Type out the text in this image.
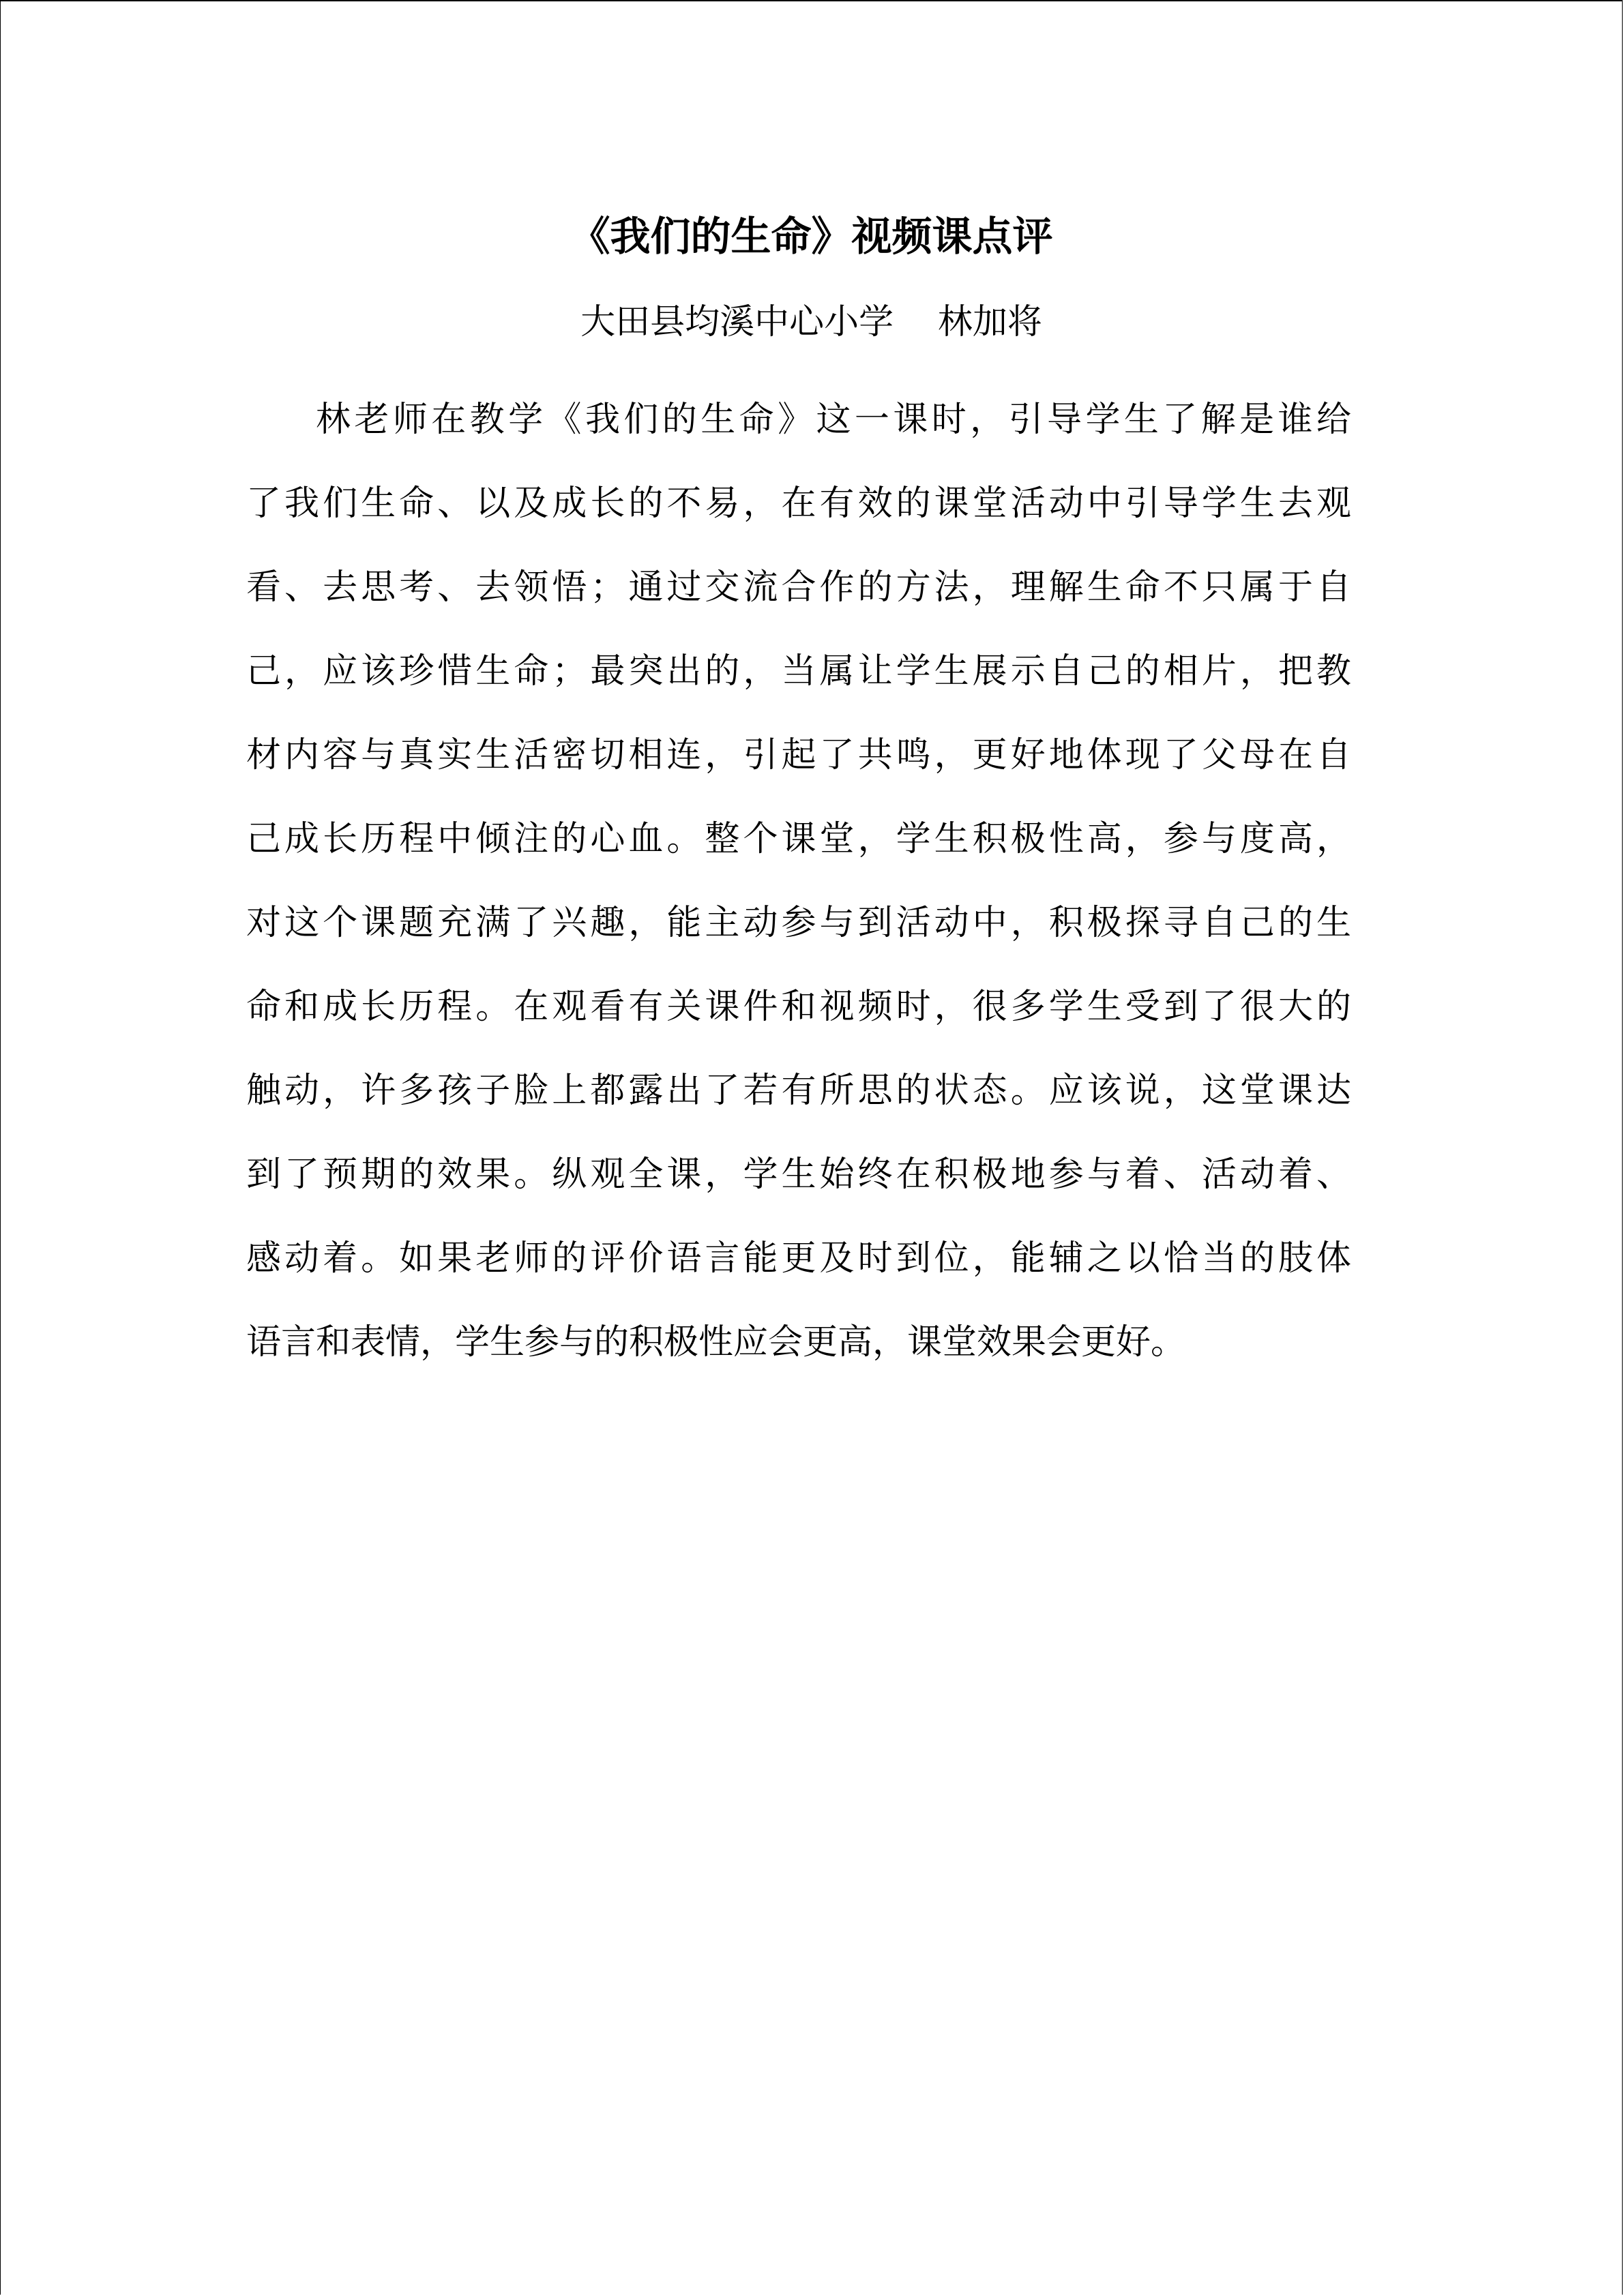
《我们的生命》视频课点评
大田县均溪中心小学    林加将
林老师在教学《我们的生命》这一课时，引导学生了解是谁给
了我们生命、以及成长的不易，在有效的课堂活动中引导学生去观
看、去思考、去领悟；通过交流合作的方法，理解生命不只属于自
己，应该珍惜生命；最突出的，当属让学生展示自己的相片，把教
材内容与真实生活密切相连，引起了共鸣，更好地体现了父母在自
己成长历程中倾注的心血。整个课堂，学生积极性高，参与度高，
对这个课题充满了兴趣，能主动参与到活动中，积极探寻自己的生
命和成长历程。在观看有关课件和视频时，很多学生受到了很大的
触动，许多孩子脸上都露出了若有所思的状态。应该说，这堂课达
到了预期的效果。纵观全课，学生始终在积极地参与着、活动着、
感动着。如果老师的评价语言能更及时到位，能辅之以恰当的肢体
语言和表情，学生参与的积极性应会更高，课堂效果会更好。
